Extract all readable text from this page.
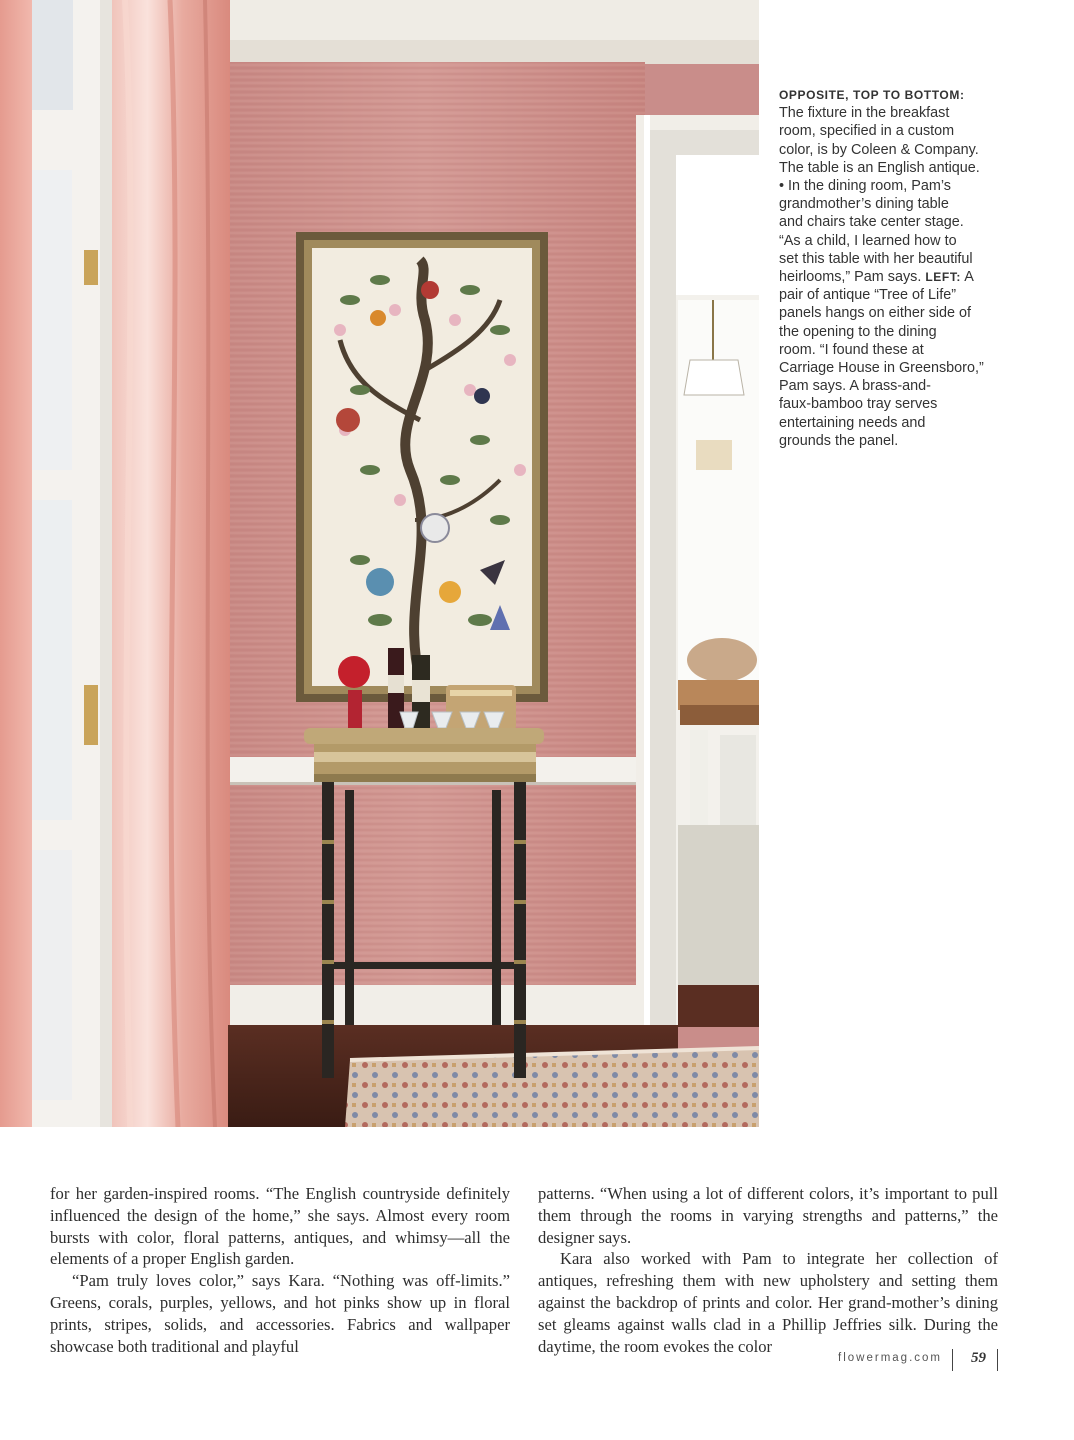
OPPOSITE, TOP TO BOTTOM:

The fixture in the breakfast

room, specified in a custom

color, is by Coleen & Company.

The table is an English antique.

• In the dining room, Pam’s

grandmother’s dining table

and chairs take center stage.

“As a child, I learned how to

set this table with her beautiful

heirlooms,” Pam says. LEFT: A

pair of antique “Tree of Life”

panels hangs on either side of

the opening to the dining

room. “I found these at

Carriage House in Greensboro,”

Pam says. A brass-and-

faux-bamboo tray serves

entertaining needs and

grounds the panel.

for her garden-inspired rooms. “The English countryside definitely influenced the design of the home,” she says. Almost every room bursts with color, floral patterns, antiques, and whimsy—all the elements of a proper English garden.

“Pam truly loves color,” says Kara. “Nothing was off-limits.” Greens, corals, purples, yellows, and hot pinks show up in floral prints, stripes, solids, and accessories. Fabrics and wallpaper showcase both traditional and playful

patterns. “When using a lot of different colors, it’s important to pull them through the rooms in varying strengths and patterns,” the designer says.

Kara also worked with Pam to integrate her collection of antiques, refreshing them with new upholstery and setting them against the backdrop of prints and color. Her grand-mother’s dining set gleams against walls clad in a Phillip Jeffries silk. During the daytime, the room evokes the color

flowermag.com 59
